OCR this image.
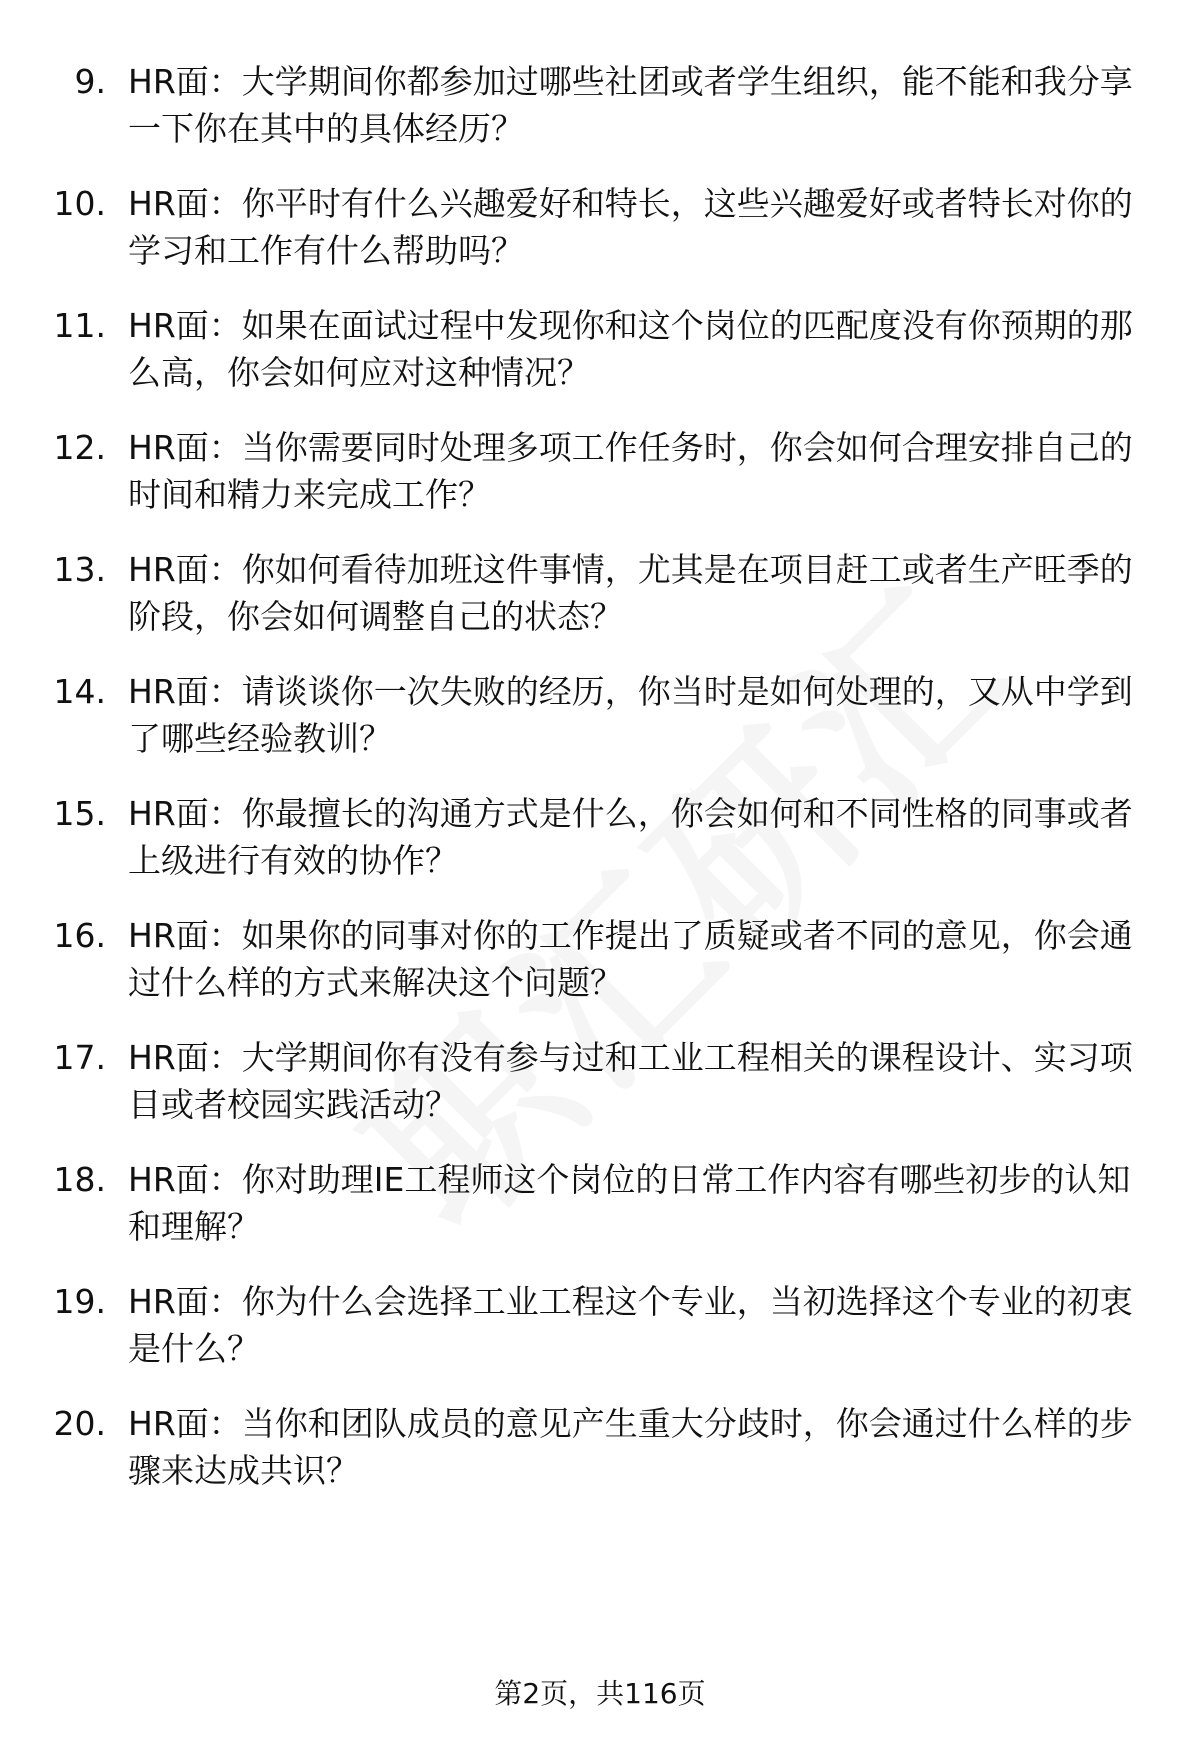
9. HR面：大学期间你都参加过哪些社团或者学生组织，能不能和我分享一下你在其中的具体经历？
10. HR面：你平时有什么兴趣爱好和特长，这些兴趣爱好或者特长对你的学习和工作有什么帮助吗？
11. HR面：如果在面试过程中发现你和这个岗位的匹配度没有你预期的那么高，你会如何应对这种情况？
12. HR面：当你需要同时处理多项工作任务时，你会如何合理安排自己的时间和精力来完成工作？
13. HR面：你如何看待加班这件事情，尤其是在项目赶工或者生产旺季的阶段，你会如何调整自己的状态？
14. HR面：请谈谈你一次失败的经历，你当时是如何处理的，又从中学到了哪些经验教训？
15. HR面：你最擅长的沟通方式是什么，你会如何和不同性格的同事或者上级进行有效的协作？
16. HR面：如果你的同事对你的工作提出了质疑或者不同的意见，你会通过什么样的方式来解决这个问题？
17. HR面：大学期间你有没有参与过和工业工程相关的课程设计、实习项目或者校园实践活动？
18. HR面：你对助理IE工程师这个岗位的日常工作内容有哪些初步的认知和理解？
19. HR面：你为什么会选择工业工程这个专业，当初选择这个专业的初衷是什么？
20. HR面：当你和团队成员的意见产生重大分歧时，你会通过什么样的步骤来达成共识？
第2页，共116页
